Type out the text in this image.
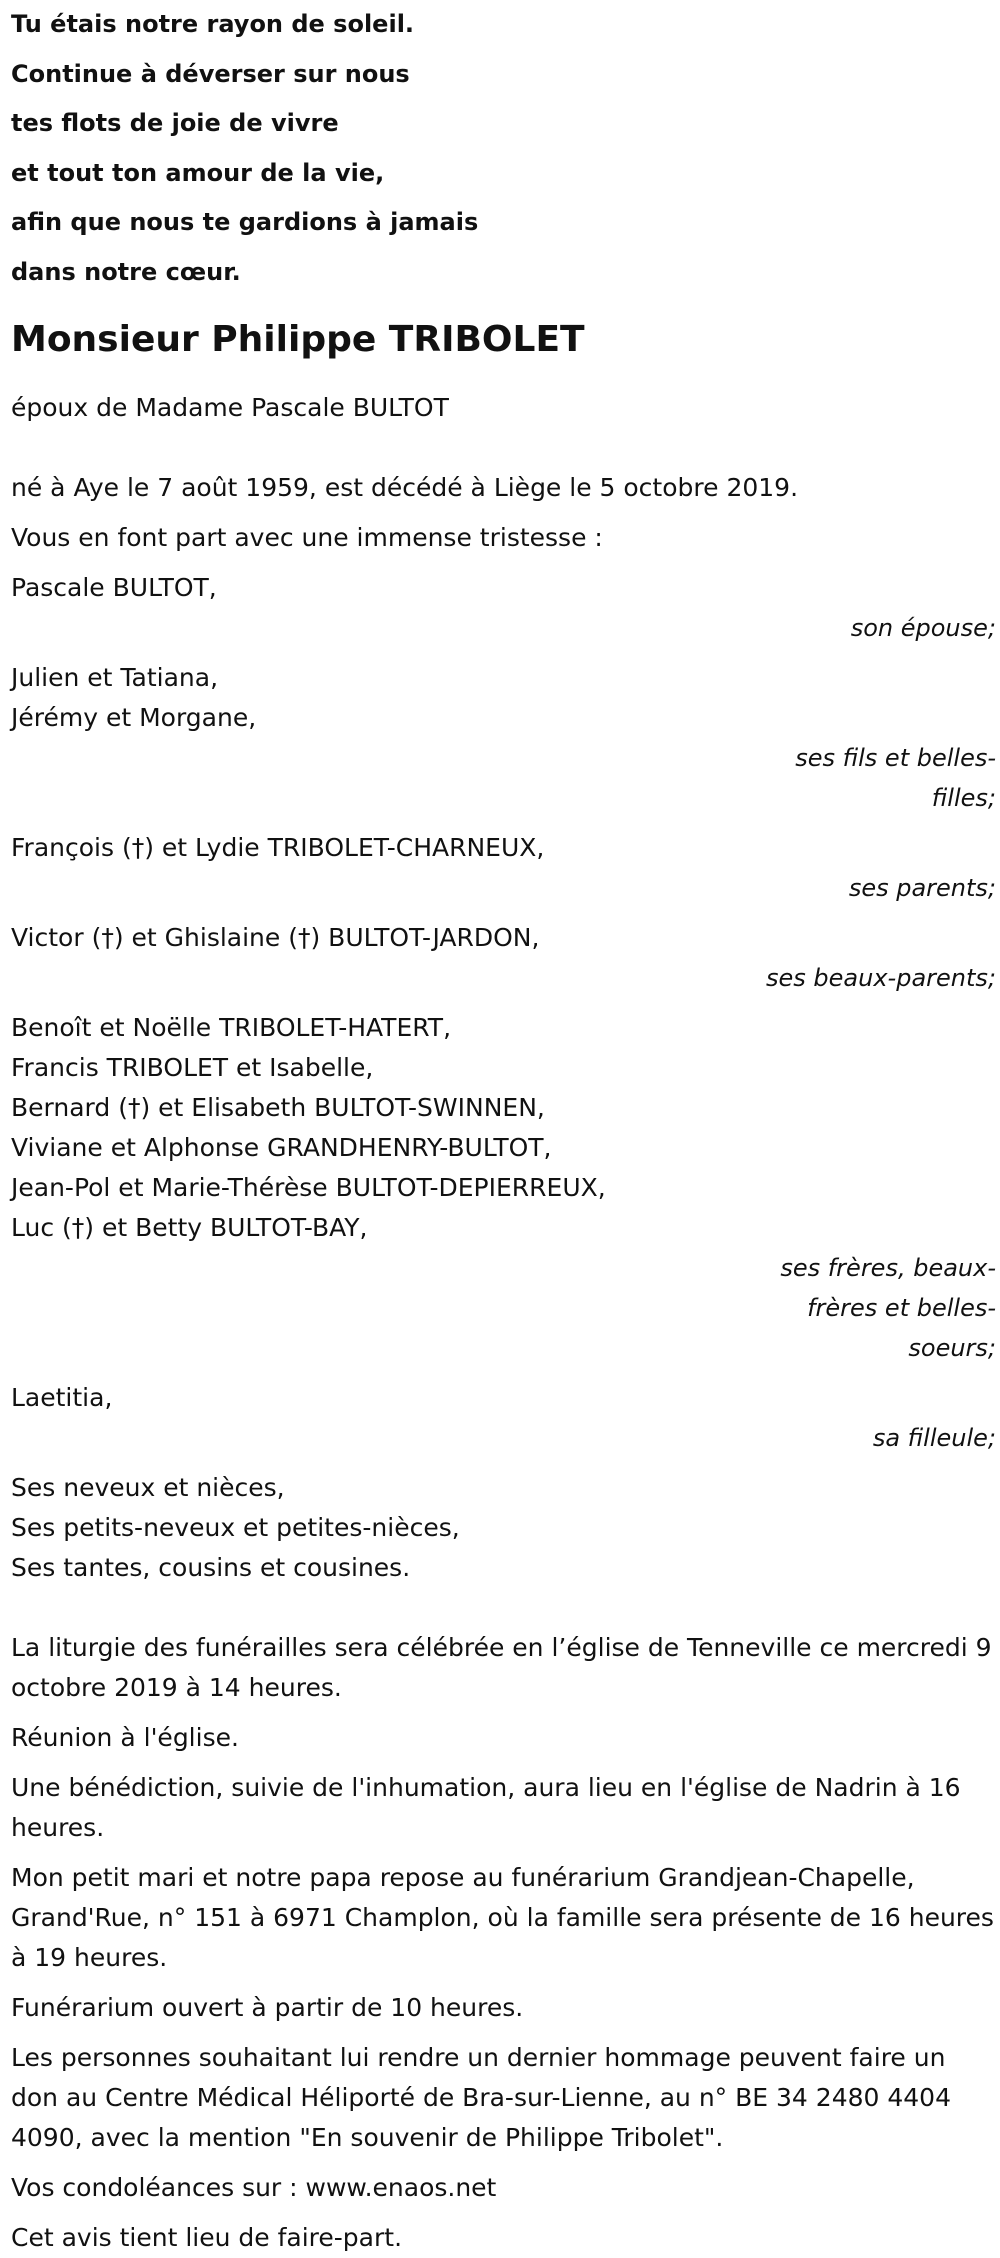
Tu étais notre rayon de soleil.
Continue à déverser sur nous
tes flots de joie de vivre
et tout ton amour de la vie,
afin que nous te gardions à jamais
dans notre cœur.
Monsieur Philippe TRIBOLET
époux de Madame Pascale BULTOT
né à Aye le 7 août 1959, est décédé à Liège le 5 octobre 2019.
Vous en font part avec une immense tristesse :
Pascale BULTOT,
son épouse;
Julien et Tatiana,
Jérémy et Morgane,
ses fils et belles-filles;
François (†) et Lydie TRIBOLET-CHARNEUX,
ses parents;
Victor (†) et Ghislaine (†) BULTOT-JARDON,
ses beaux-parents;
Benoît et Noëlle TRIBOLET-HATERT,
Francis TRIBOLET et Isabelle,
Bernard (†) et Elisabeth BULTOT-SWINNEN,
Viviane et Alphonse GRANDHENRY-BULTOT,
Jean-Pol et Marie-Thérèse BULTOT-DEPIERREUX,
Luc (†) et Betty BULTOT-BAY,
ses frères, beaux-frères et belles-soeurs;
Laetitia,
sa filleule;
Ses neveux et nièces,
Ses petits-neveux et petites-nièces,
Ses tantes, cousins et cousines.
La liturgie des funérailles sera célébrée en l’église de Tenneville ce mercredi 9 octobre 2019 à 14 heures.
Réunion à l'église.
Une bénédiction, suivie de l'inhumation, aura lieu en l'église de Nadrin à 16 heures.
Mon petit mari et notre papa repose au funérarium Grandjean-Chapelle, Grand'Rue, n° 151 à 6971 Champlon, où la famille sera présente de 16 heures à 19 heures.
Funérarium ouvert à partir de 10 heures.
Les personnes souhaitant lui rendre un dernier hommage peuvent faire un don au Centre Médical Héliporté de Bra-sur-Lienne, au n° BE 34 2480 4404 4090, avec la mention "En souvenir de Philippe Tribolet".
Vos condoléances sur : www.enaos.net
Cet avis tient lieu de faire-part.
